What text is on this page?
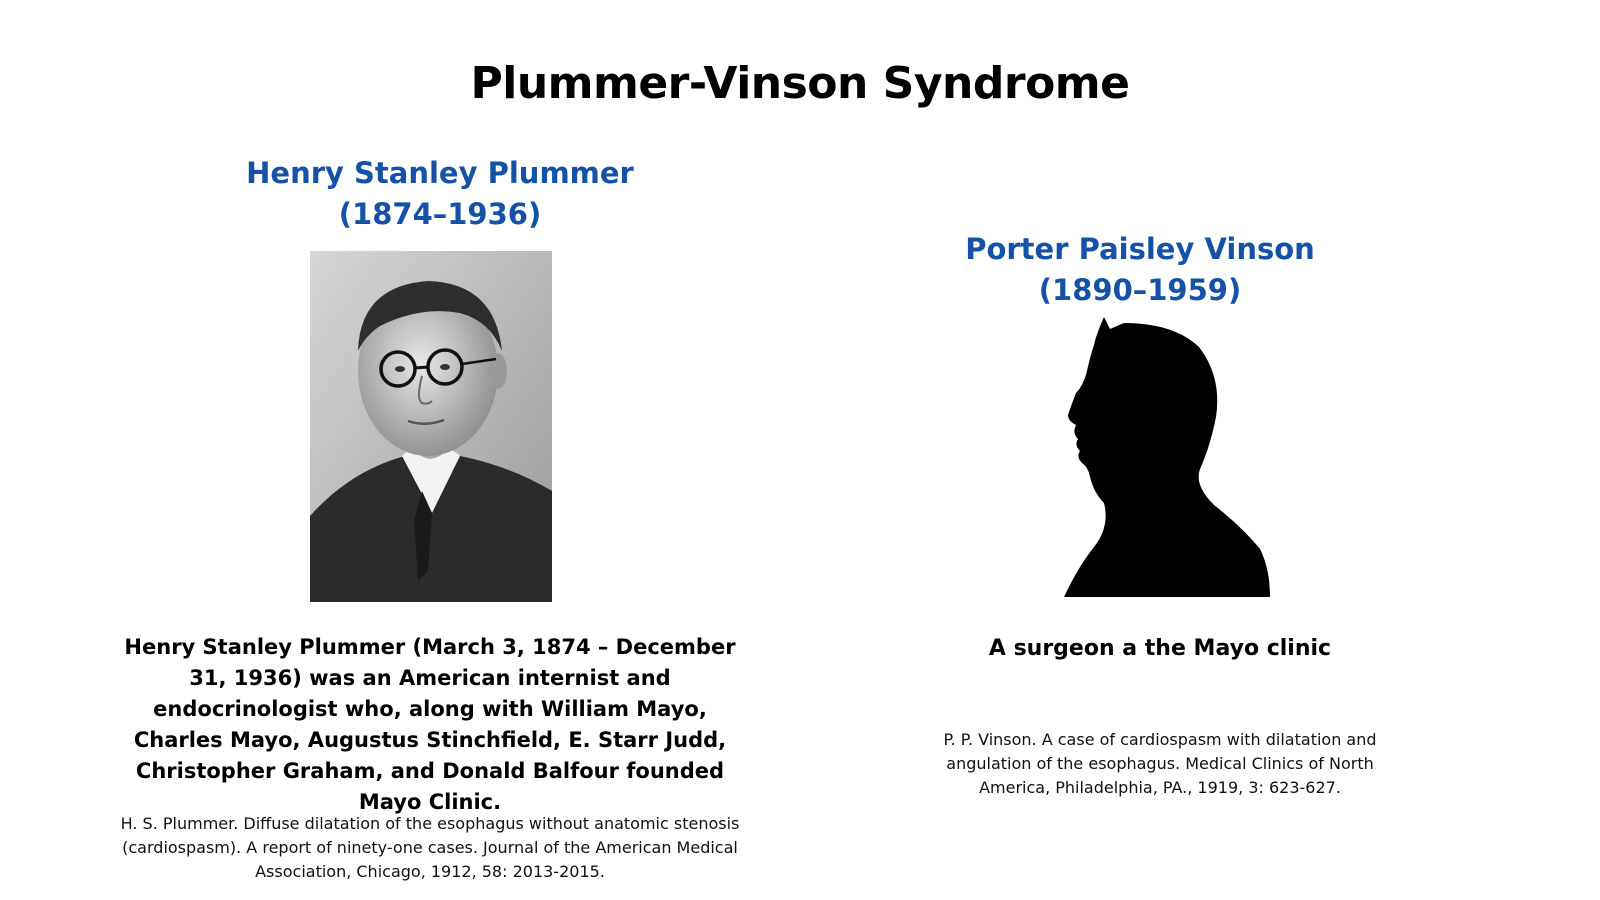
Plummer-Vinson Syndrome
Henry Stanley Plummer
(1874–1936)

Henry Stanley Plummer (March 3, 1874 – December 31, 1936) was an American internist and endocrinologist who, along with William Mayo, Charles Mayo, Augustus Stinchfield, E. Starr Judd, Christopher Graham, and Donald Balfour founded Mayo Clinic.

H. S. Plummer. Diffuse dilatation of the esophagus without anatomic stenosis (cardiospasm). A report of ninety-one cases. Journal of the American Medical Association, Chicago, 1912, 58: 2013-2015.

Porter Paisley Vinson
(1890–1959)

A surgeon a the Mayo clinic

P. P. Vinson. A case of cardiospasm with dilatation and angulation of the esophagus. Medical Clinics of North America, Philadelphia, PA., 1919, 3: 623-627.
